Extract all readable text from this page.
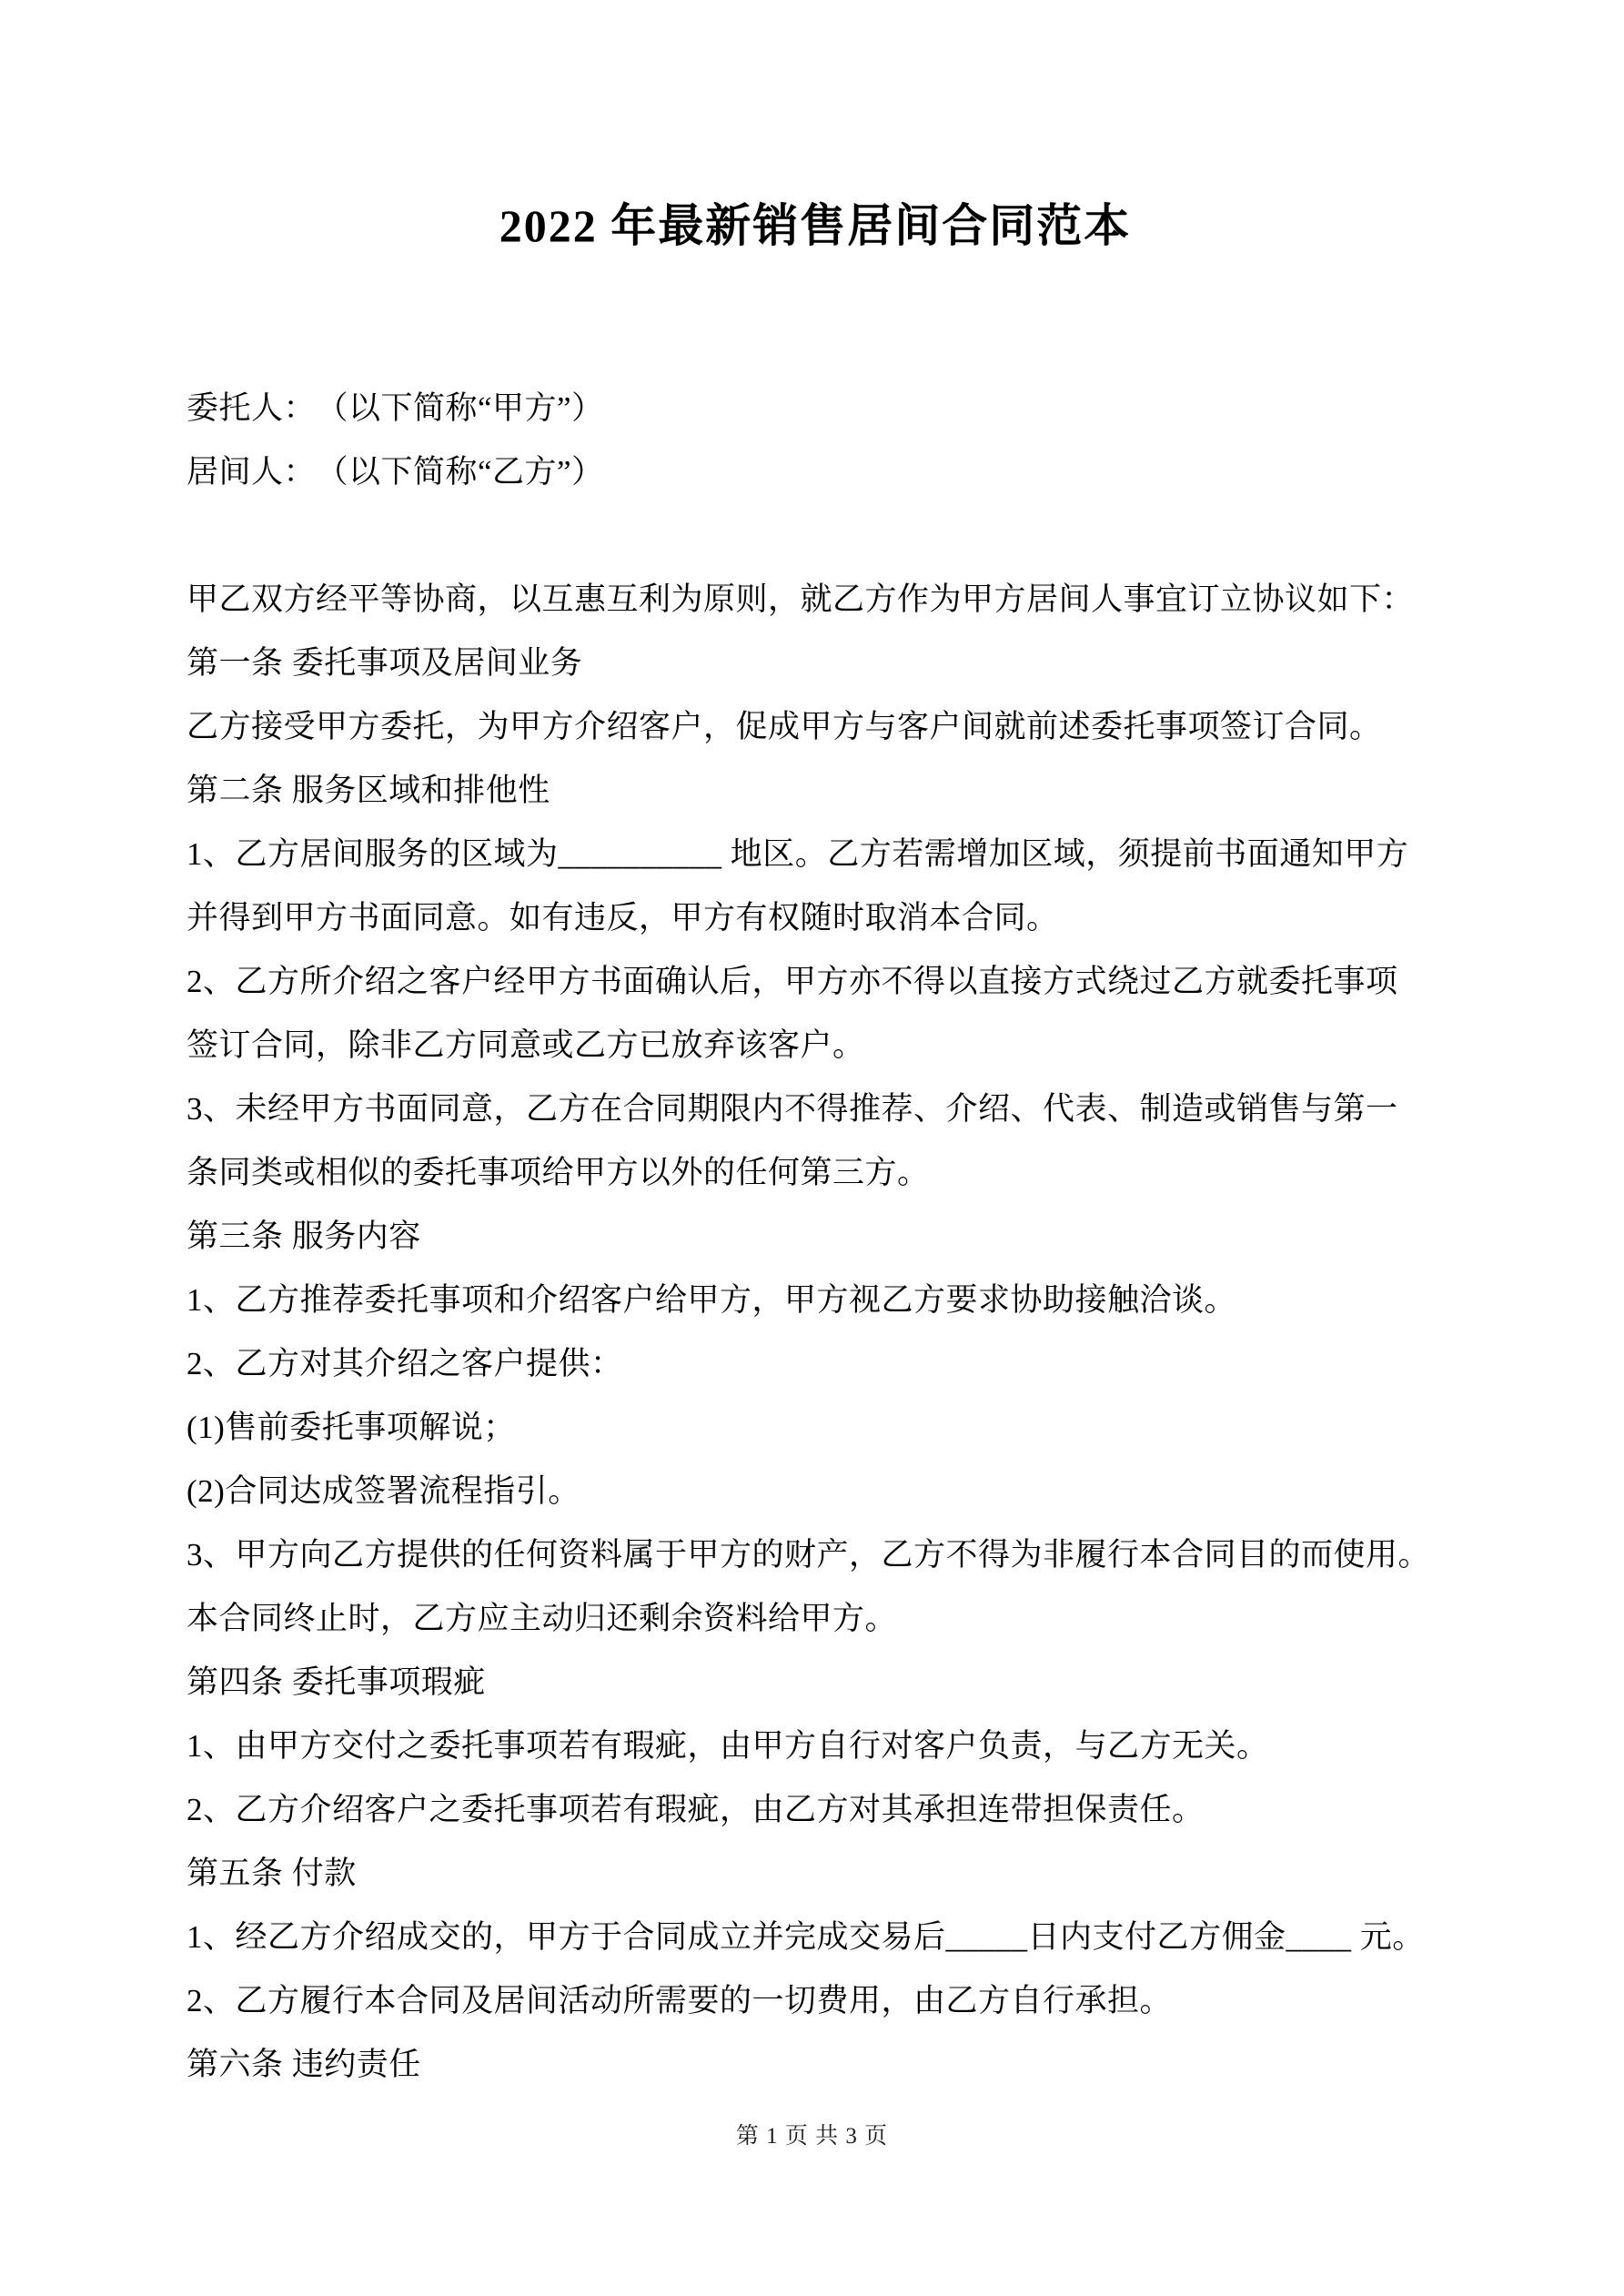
2022 年最新销售居间合同范本
委托人：　（以下简称“甲方”）
居间人：　（以下简称“乙方”）
甲乙双方经平等协商，以互惠互利为原则，就乙方作为甲方居间人事宜订立协议如下：
第一条 委托事项及居间业务
乙方接受甲方委托，为甲方介绍客户，促成甲方与客户间就前述委托事项签订合同。
第二条 服务区域和排他性
1、乙方居间服务的区域为__________ 地区。乙方若需增加区域，须提前书面通知甲方
并得到甲方书面同意。如有违反，甲方有权随时取消本合同。
2、乙方所介绍之客户经甲方书面确认后，甲方亦不得以直接方式绕过乙方就委托事项
签订合同，除非乙方同意或乙方已放弃该客户。
3、未经甲方书面同意，乙方在合同期限内不得推荐、介绍、代表、制造或销售与第一
条同类或相似的委托事项给甲方以外的任何第三方。
第三条 服务内容
1、乙方推荐委托事项和介绍客户给甲方，甲方视乙方要求协助接触洽谈。
2、乙方对其介绍之客户提供：
(1)售前委托事项解说；
(2)合同达成签署流程指引。
3、甲方向乙方提供的任何资料属于甲方的财产，乙方不得为非履行本合同目的而使用。
本合同终止时，乙方应主动归还剩余资料给甲方。
第四条 委托事项瑕疵
1、由甲方交付之委托事项若有瑕疵，由甲方自行对客户负责，与乙方无关。
2、乙方介绍客户之委托事项若有瑕疵，由乙方对其承担连带担保责任。
第五条 付款
1、经乙方介绍成交的，甲方于合同成立并完成交易后_____日内支付乙方佣金____ 元。
2、乙方履行本合同及居间活动所需要的一切费用，由乙方自行承担。
第六条 违约责任
第 1 页 共 3 页
